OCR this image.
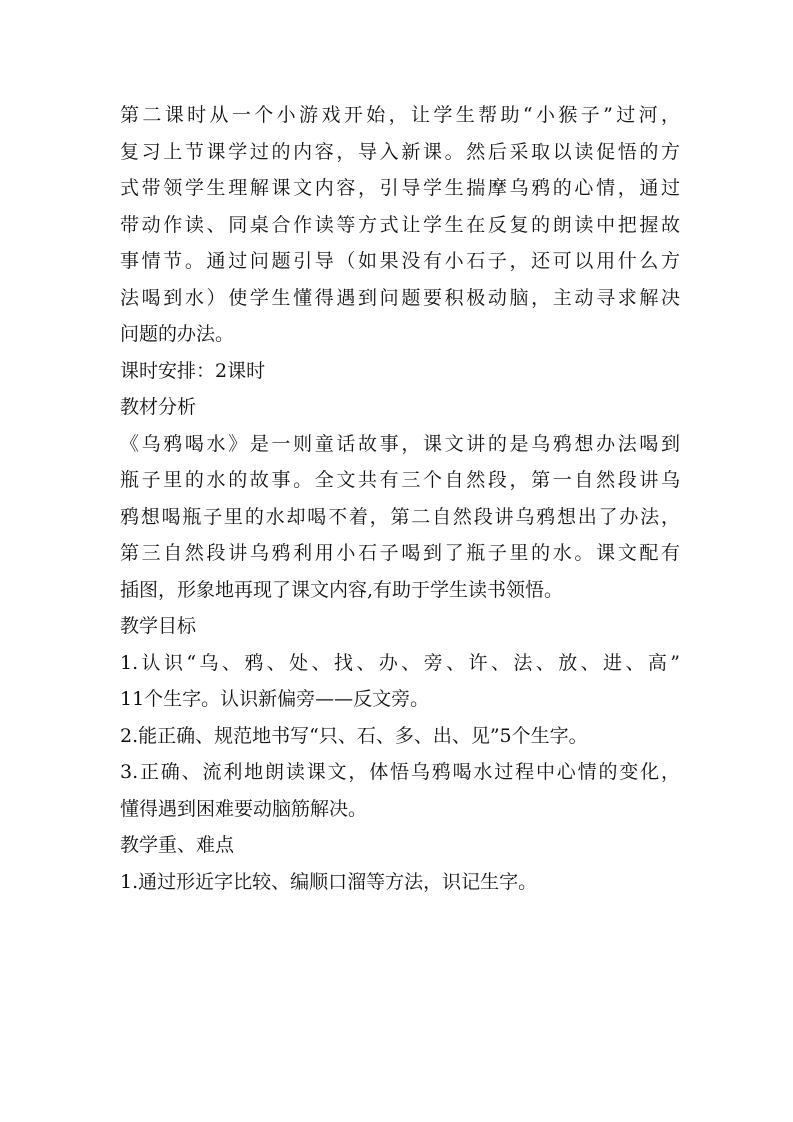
第二课时从一个小游戏开始，让学生帮助“小猴子”过河，
复习上节课学过的内容，导入新课。然后采取以读促悟的方
式带领学生理解课文内容，引导学生揣摩乌鸦的心情，通过
带动作读、同桌合作读等方式让学生在反复的朗读中把握故
事情节。通过问题引导（如果没有小石子，还可以用什么方
法喝到水）使学生懂得遇到问题要积极动脑，主动寻求解决
问题的办法。
课时安排：2课时
教材分析
《乌鸦喝水》是一则童话故事，课文讲的是乌鸦想办法喝到
瓶子里的水的故事。全文共有三个自然段，第一自然段讲乌
鸦想喝瓶子里的水却喝不着，第二自然段讲乌鸦想出了办法，
第三自然段讲乌鸦利用小石子喝到了瓶子里的水。课文配有
插图，形象地再现了课文内容,有助于学生读书领悟。
教学目标
1.认识“乌、鸦、处、找、办、旁、许、法、放、进、高”
11个生字。认识新偏旁——反文旁。
2.能正确、规范地书写“只、石、多、出、见”5个生字。
3.正确、流利地朗读课文，体悟乌鸦喝水过程中心情的变化，
懂得遇到困难要动脑筋解决。
教学重、难点
1.通过形近字比较、编顺口溜等方法，识记生字。
